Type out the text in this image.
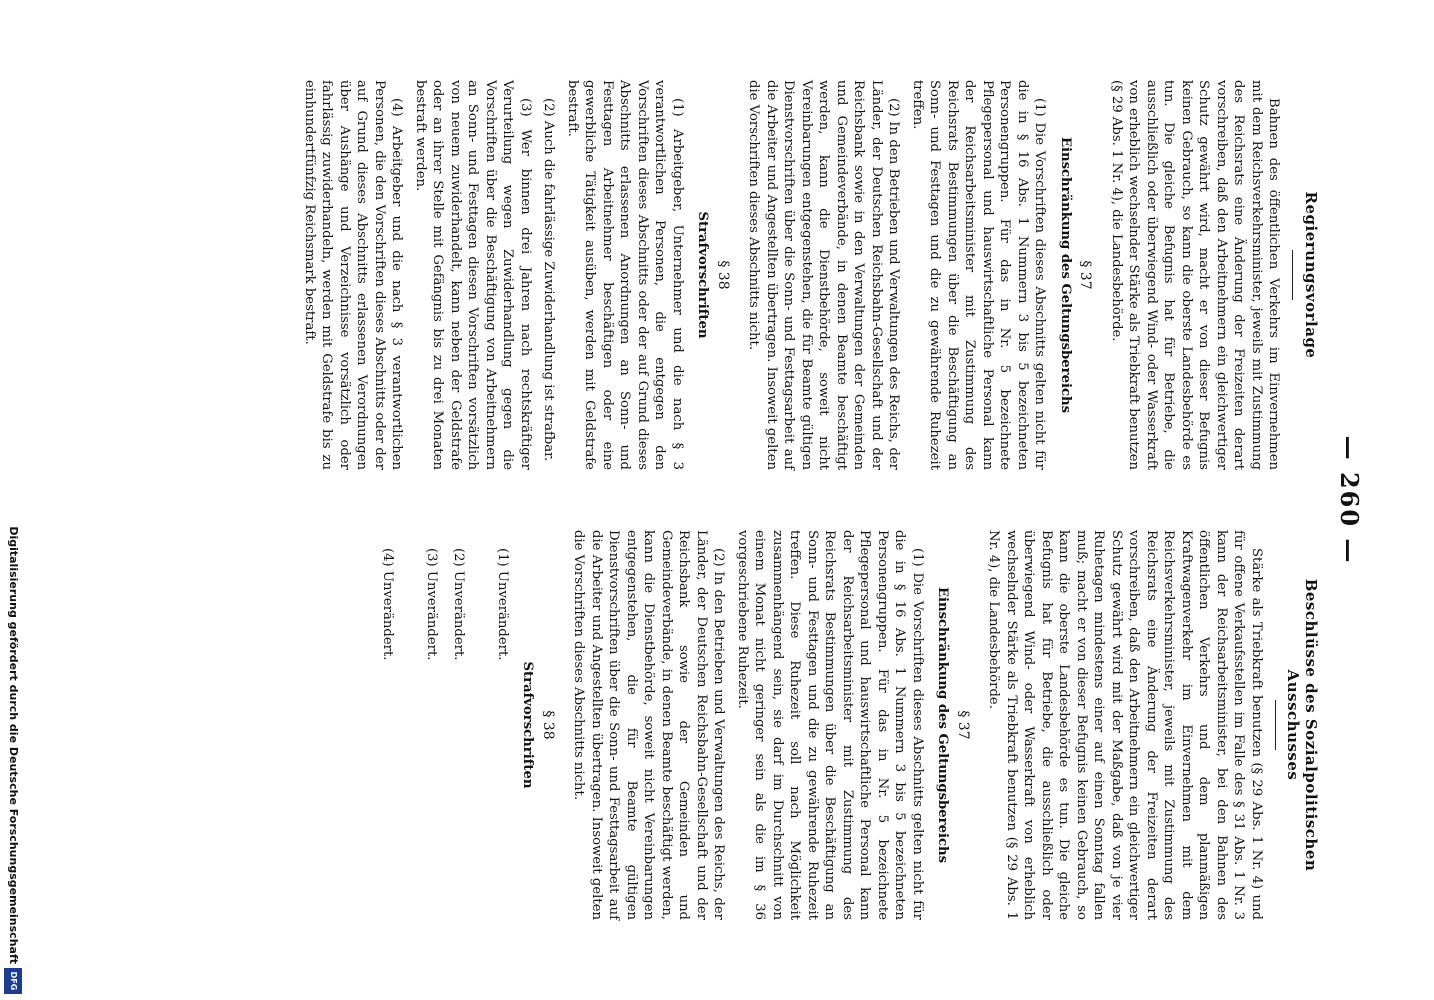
— 260 —
Regierungsvorlage

Bahnen des öffentlichen Verkehrs im Einvernehmen mit dem Reichsverkehrsminister, jeweils mit Zustimmung des Reichsrats eine Änderung der Freizeiten derart vorschreiben, daß den Arbeitnehmern ein gleichwertiger Schutz gewährt wird, macht er von dieser Befugnis keinen Gebrauch, so kann die oberste Landesbehörde es tun. Die gleiche Befugnis hat für Betriebe, die ausschließlich oder überwiegend Wind- oder Wasserkraft von erheblich wechselnder Stärke als Triebkraft benutzen (§ 29 Abs. 1 Nr. 4), die Landesbehörde.

§ 37
Einschränkung des Geltungsbereichs

(1) Die Vorschriften dieses Abschnitts gelten nicht für die in § 16 Abs. 1 Nummern 3 bis 5 bezeichneten Personengruppen. Für das in Nr. 5 bezeichnete Pflegepersonal und hauswirtschaftliche Personal kann der Reichsarbeitsminister mit Zustimmung des Reichsrats Bestimmungen über die Beschäftigung an Sonn- und Festtagen und die zu gewährende Ruhezeit treffen.

(2) In den Betrieben und Verwaltungen des Reichs, der Länder, der Deutschen Reichsbahn-Gesellschaft und der Reichsbank sowie in den Verwaltungen der Gemeinden und Gemeindeverbände, in denen Beamte beschäftigt werden, kann die Dienstbehörde, soweit nicht Vereinbarungen entgegenstehen, die für Beamte gültigen Dienstvorschriften über die Sonn- und Festtagsarbeit auf die Arbeiter und Angestellten übertragen. Insoweit gelten die Vorschriften dieses Abschnitts nicht.

§ 38
Strafvorschriften

(1) Arbeitgeber, Unternehmer und die nach § 3 verantwortlichen Personen, die entgegen den Vorschriften dieses Abschnitts oder der auf Grund dieses Abschnitts erlassenen Anordnungen an Sonn- und Festtagen Arbeitnehmer beschäftigen oder eine gewerbliche Tätigkeit ausüben, werden mit Geldstrafe bestraft.

(2) Auch die fahrlässige Zuwiderhandlung ist strafbar.

(3) Wer binnen drei Jahren nach rechtskräftiger Verurteilung wegen Zuwiderhandlung gegen die Vorschriften über die Beschäftigung von Arbeitnehmern an Sonn- und Festtagen diesen Vorschriften vorsätzlich von neuem zuwiderhandelt, kann neben der Geldstrafe oder an ihrer Stelle mit Gefängnis bis zu drei Monaten bestraft werden.

(4) Arbeitgeber und die nach § 3 verantwortlichen Personen, die den Vorschriften dieses Abschnitts oder der auf Grund dieses Abschnitts erlassenen Verordnungen über Aushänge und Verzeichnisse vorsätzlich oder fahrlässig zuwiderhandeln, werden mit Geldstrafe bis zu einhundertfünfzig Reichsmark bestraft.

Beschlüsse des Sozialpolitischen Ausschusses

Stärke als Triebkraft benutzen (§ 29 Abs. 1 Nr. 4) und für offene Verkaufsstellen im Falle des § 31 Abs. 1 Nr. 3 kann der Reichsarbeitsminister, bei den Bahnen des öffentlichen Verkehrs und dem planmäßigen Kraftwagenverkehr im Einvernehmen mit dem Reichsverkehrsminister, jeweils mit Zustimmung des Reichsrats eine Änderung der Freizeiten derart vorschreiben, daß den Arbeitnehmern ein gleichwertiger Schutz gewährt wird mit der Maßgabe, daß von je vier Ruhetagen mindestens einer auf einen Sonntag fallen muß; macht er von dieser Befugnis keinen Gebrauch, so kann die oberste Landesbehörde es tun. Die gleiche Befugnis hat für Betriebe, die ausschließlich oder überwiegend Wind- oder Wasserkraft von erheblich wechselnder Stärke als Triebkraft benutzen (§ 29 Abs. 1 Nr. 4), die Landesbehörde.

§ 37
Einschränkung des Geltungsbereichs

(1) Die Vorschriften dieses Abschnitts gelten nicht für die in § 16 Abs. 1 Nummern 3 bis 5 bezeichneten Personengruppen. Für das in Nr. 5 bezeichnete Pflegepersonal und hauswirtschaftliche Personal kann der Reichsarbeitsminister mit Zustimmung des Reichsrats Bestimmungen über die Beschäftigung an Sonn- und Festtagen und die zu gewährende Ruhezeit treffen. Diese Ruhezeit soll nach Möglichkeit zusammenhängend sein, sie darf im Durchschnitt von einem Monat nicht geringer sein als die im § 36 vorgeschriebene Ruhezeit.

(2) In den Betrieben und Verwaltungen des Reichs, der Länder, der Deutschen Reichsbahn-Gesellschaft und der Reichsbank sowie der Gemeinden und Gemeindeverbände, in denen Beamte beschäftigt werden, kann die Dienstbehörde, soweit nicht Vereinbarungen entgegenstehen, die für Beamte gültigen Dienstvorschriften über die Sonn- und Festtagsarbeit auf die Arbeiter und Angestellten übertragen. Insoweit gelten die Vorschriften dieses Abschnitts nicht.

§ 38
Strafvorschriften

(1) Unverändert.

(2) Unverändert.

(3) Unverändert.

(4) Unverändert.

Digitalisierung gefördert durch die Deutsche Forschungsgemeinschaft
DFG
